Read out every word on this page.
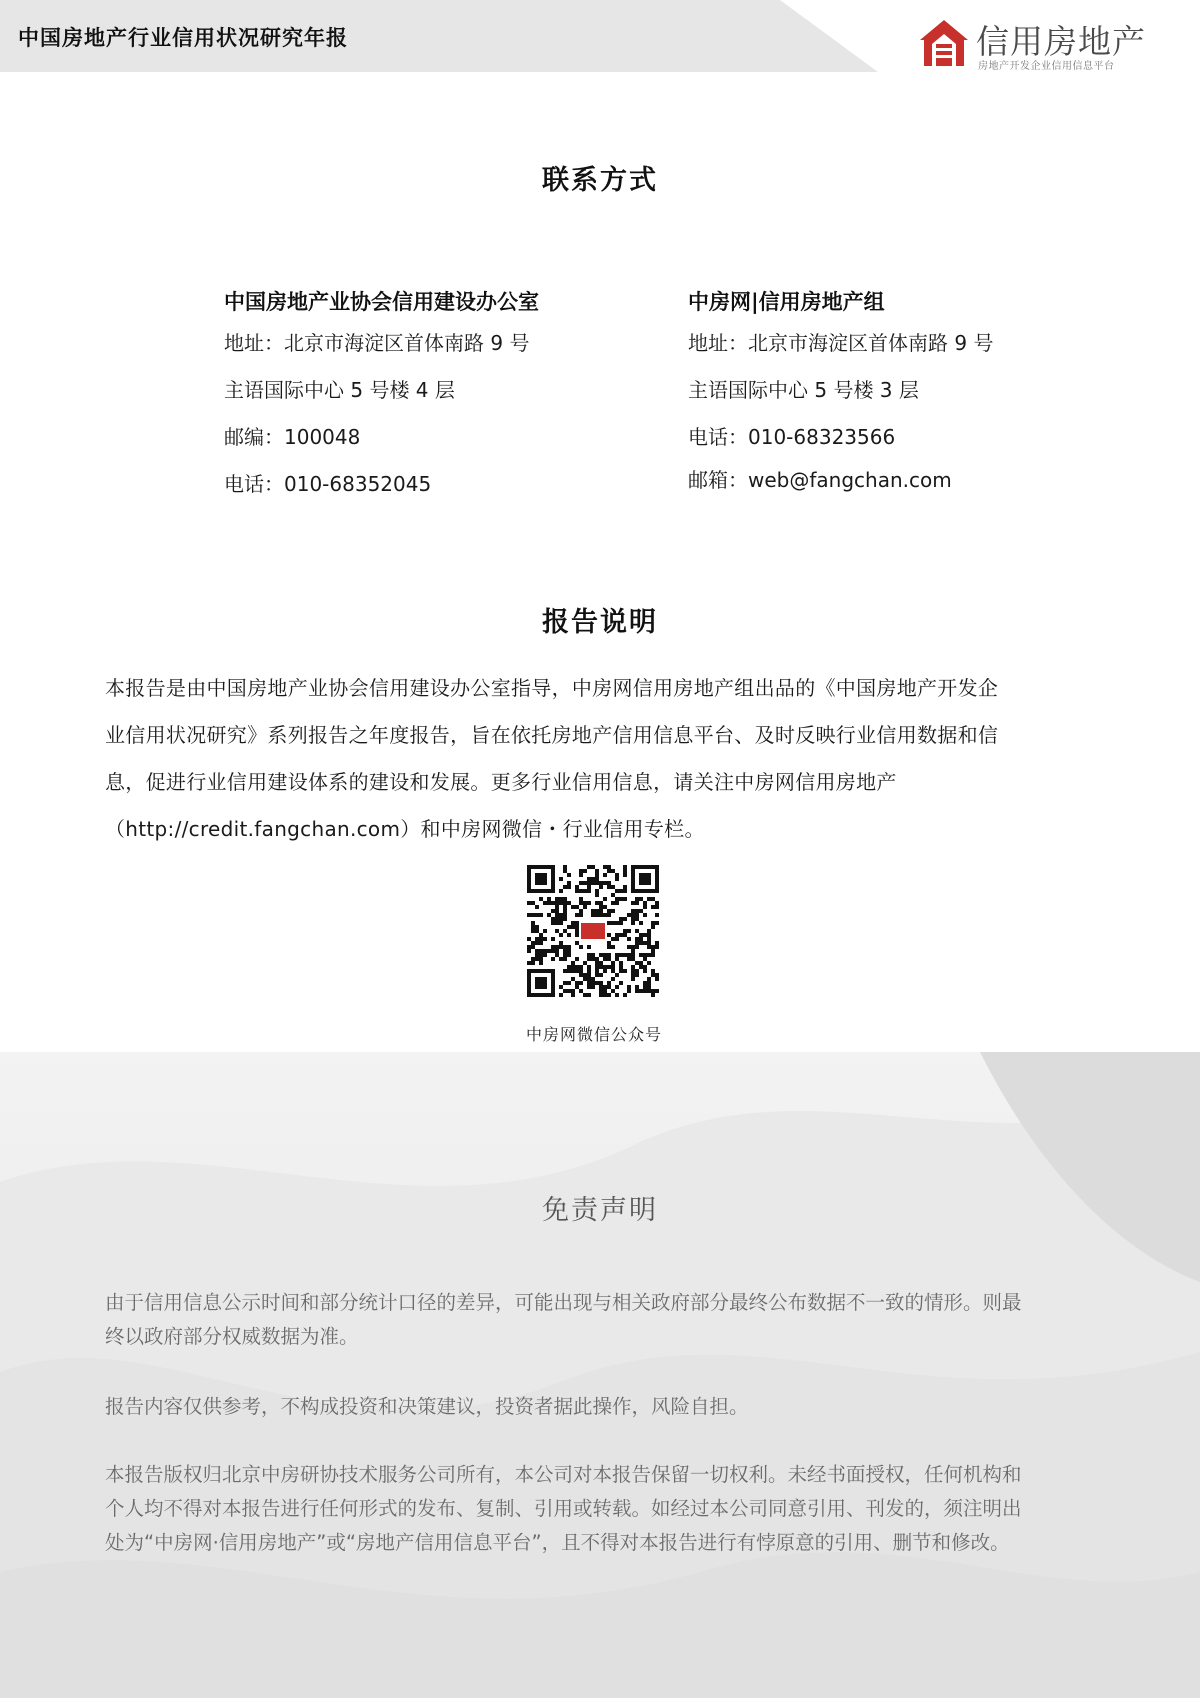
中国房地产行业信用状况研究年报	信用房地产
房地产开发企业信用信息平台
联系方式
中国房地产业协会信用建设办公室
地址：北京市海淀区首体南路 9 号
主语国际中心 5 号楼 4 层
邮编：100048
电话：010-68352045
中房网|信用房地产组
地址：北京市海淀区首体南路 9 号
主语国际中心 5 号楼 3 层
电话：010-68323566
邮箱：web@fangchan.com
报告说明

本报告是由中国房地产业协会信用建设办公室指导，中房网信用房地产组出品的《中国房地产开发企

业信用状况研究》系列报告之年度报告，旨在依托房地产信用信息平台、及时反映行业信用数据和信

息，促进行业信用建设体系的建设和发展。更多行业信用信息，请关注中房网信用房地产

（http://credit.fangchan.com）和中房网微信・行业信用专栏。

中房网微信公众号
免责声明
由于信用信息公示时间和部分统计口径的差异，可能出现与相关政府部分最终公布数据不一致的情形。则最
终以政府部分权威数据为准。
报告内容仅供参考，不构成投资和决策建议，投资者据此操作，风险自担。
本报告版权归北京中房研协技术服务公司所有，本公司对本报告保留一切权利。未经书面授权，任何机构和
个人均不得对本报告进行任何形式的发布、复制、引用或转载。如经过本公司同意引用、刊发的，须注明出
处为“中房网·信用房地产”或“房地产信用信息平台”，且不得对本报告进行有悖原意的引用、删节和修改。
